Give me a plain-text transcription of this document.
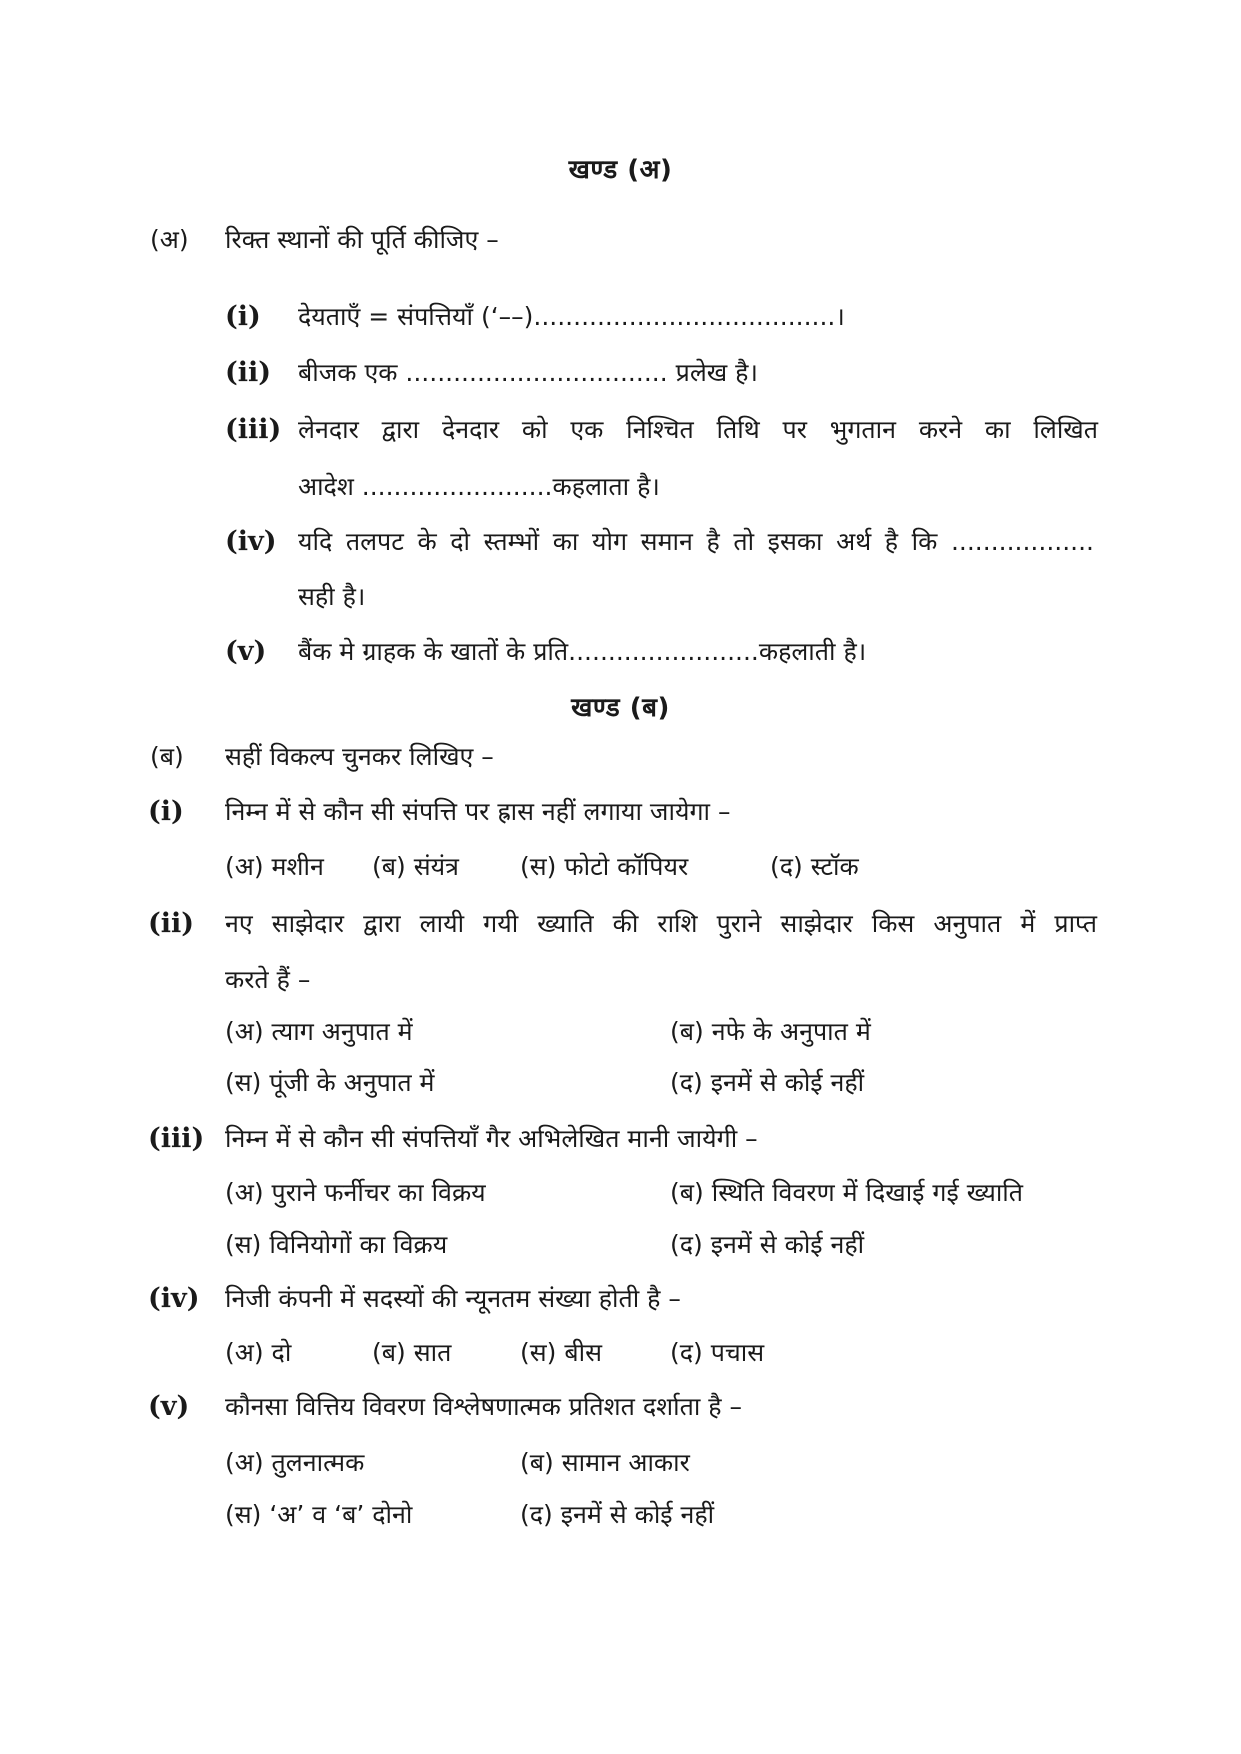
खण्ड (अ)
(अ) रिक्त स्थानों की पूर्ति कीजिए –
(i) देयताएँ = संपत्तियाँ (‘––)......................................।
(ii) बीजक एक ................................. प्रलेख है।
(iii) लेनदार द्वारा देनदार को एक निश्चित तिथि पर भुगतान करने का लिखित
आदेश ........................कहलाता है।
(iv) यदि तलपट के दो स्तम्भों का योग समान है तो इसका अर्थ है कि ..................
सही है।
(v) बैंक मे ग्राहक के खातों के प्रति........................कहलाती है।
खण्ड (ब)
(ब) सहीं विकल्प चुनकर लिखिए –
(i) निम्न में से कौन सी संपत्ति पर ह्रास नहीं लगाया जायेगा –
(अ) मशीन (ब) संयंत्र (स) फोटो कॉपियर	(द) स्टॉक
(ii) नए साझेदार द्वारा लायी गयी ख्याति की राशि पुराने साझेदार किस अनुपात में प्राप्त
करते हैं –
(अ) त्याग अनुपात में	(ब) नफे के अनुपात में
(स) पूंजी के अनुपात में	(द) इनमें से कोई नहीं
(iii) निम्न में से कौन सी संपत्तियाँ गैर अभिलेखित मानी जायेगी –
(अ) पुराने फर्नीचर का विक्रय	(ब) स्थिति विवरण में दिखाई गई ख्याति
(स) विनियोगों का विक्रय	(द) इनमें से कोई नहीं
(iv) निजी कंपनी में सदस्यों की न्यूनतम संख्या होती है –
(अ) दो	(ब) सात	(स) बीस	(द) पचास
(v) कौनसा वित्तिय विवरण विश्लेषणात्मक प्रतिशत दर्शाता है –
(अ) तुलनात्मक	(ब) सामान आकार
(स) ‘अ’ व ‘ब’ दोनो	(द) इनमें से कोई नहीं
